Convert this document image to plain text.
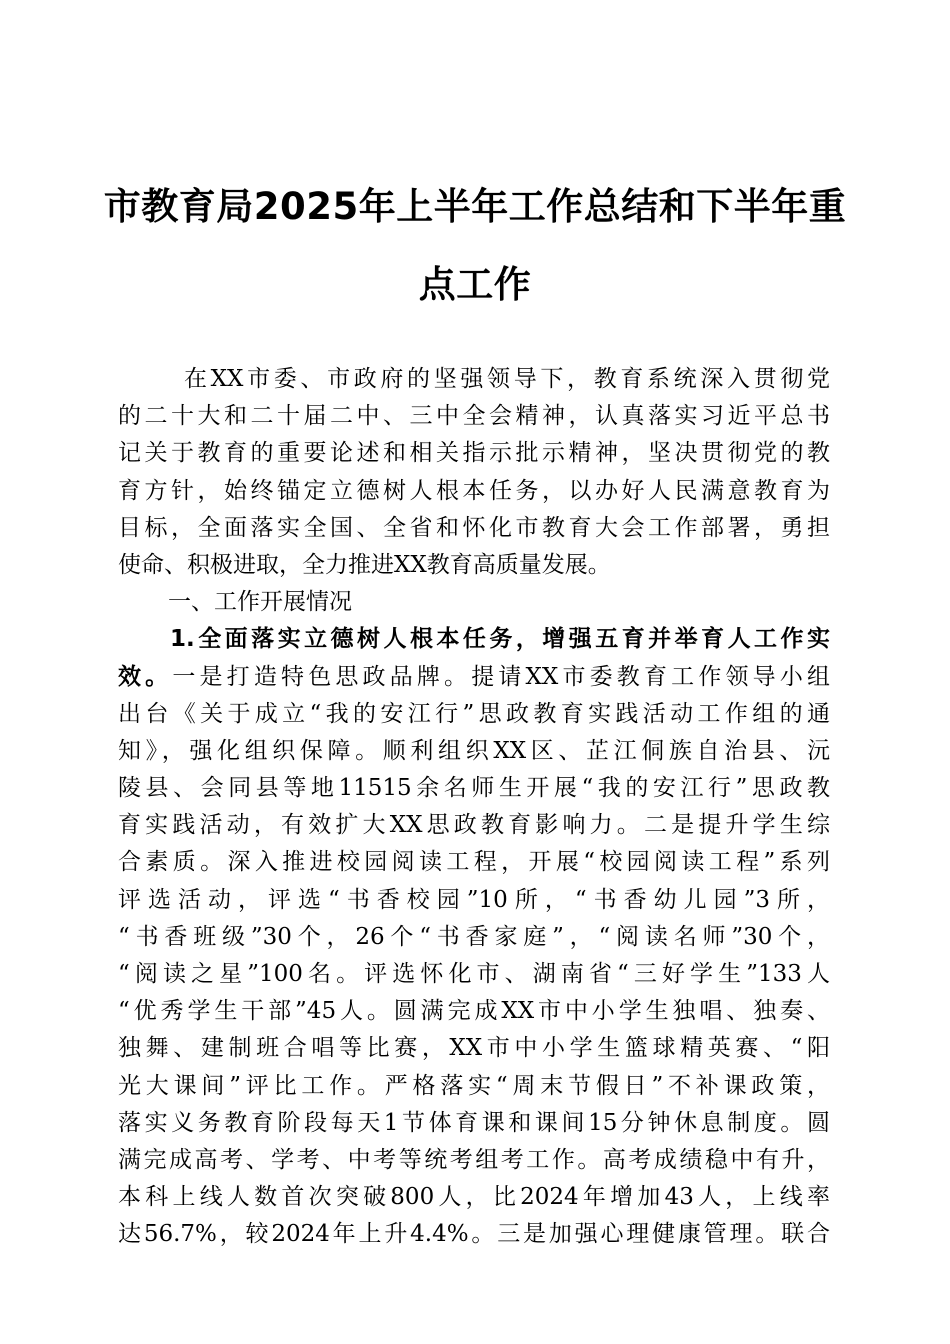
市教育局2025年上半年工作总结和下半年重
点工作
在XX市委、市政府的坚强领导下，教育系统深入贯彻党
的二十大和二十届二中、三中全会精神，认真落实习近平总书
记关于教育的重要论述和相关指示批示精神，坚决贯彻党的教
育方针，始终锚定立德树人根本任务，以办好人民满意教育为
目标，全面落实全国、全省和怀化市教育大会工作部署，勇担
使命、积极进取，全力推进XX教育高质量发展。
一、工作开展情况
1.全面落实立德树人根本任务，增强五育并举育人工作实
效。一是打造特色思政品牌。提请XX市委教育工作领导小组
出台《关于成立“我的安江行”思政教育实践活动工作组的通
知》，强化组织保障。顺利组织XX区、芷江侗族自治县、沅
陵县、会同县等地11515余名师生开展“我的安江行”思政教
育实践活动，有效扩大XX思政教育影响力。二是提升学生综
合素质。深入推进校园阅读工程，开展“校园阅读工程”系列
评选活动，评选“书香校园”10所，“书香幼儿园”3所，
“书香班级”30个，26个“书香家庭”，“阅读名师”30个，
“阅读之星”100名。评选怀化市、湖南省“三好学生”133人
“优秀学生干部”45人。圆满完成XX市中小学生独唱、独奏、
独舞、建制班合唱等比赛，XX市中小学生篮球精英赛、“阳
光大课间”评比工作。严格落实“周末节假日”不补课政策，
落实义务教育阶段每天1节体育课和课间15分钟休息制度。圆
满完成高考、学考、中考等统考组考工作。高考成绩稳中有升，
本科上线人数首次突破800人，比2024年增加43人，上线率
达56.7%，较2024年上升4.4%。三是加强心理健康管理。联合
